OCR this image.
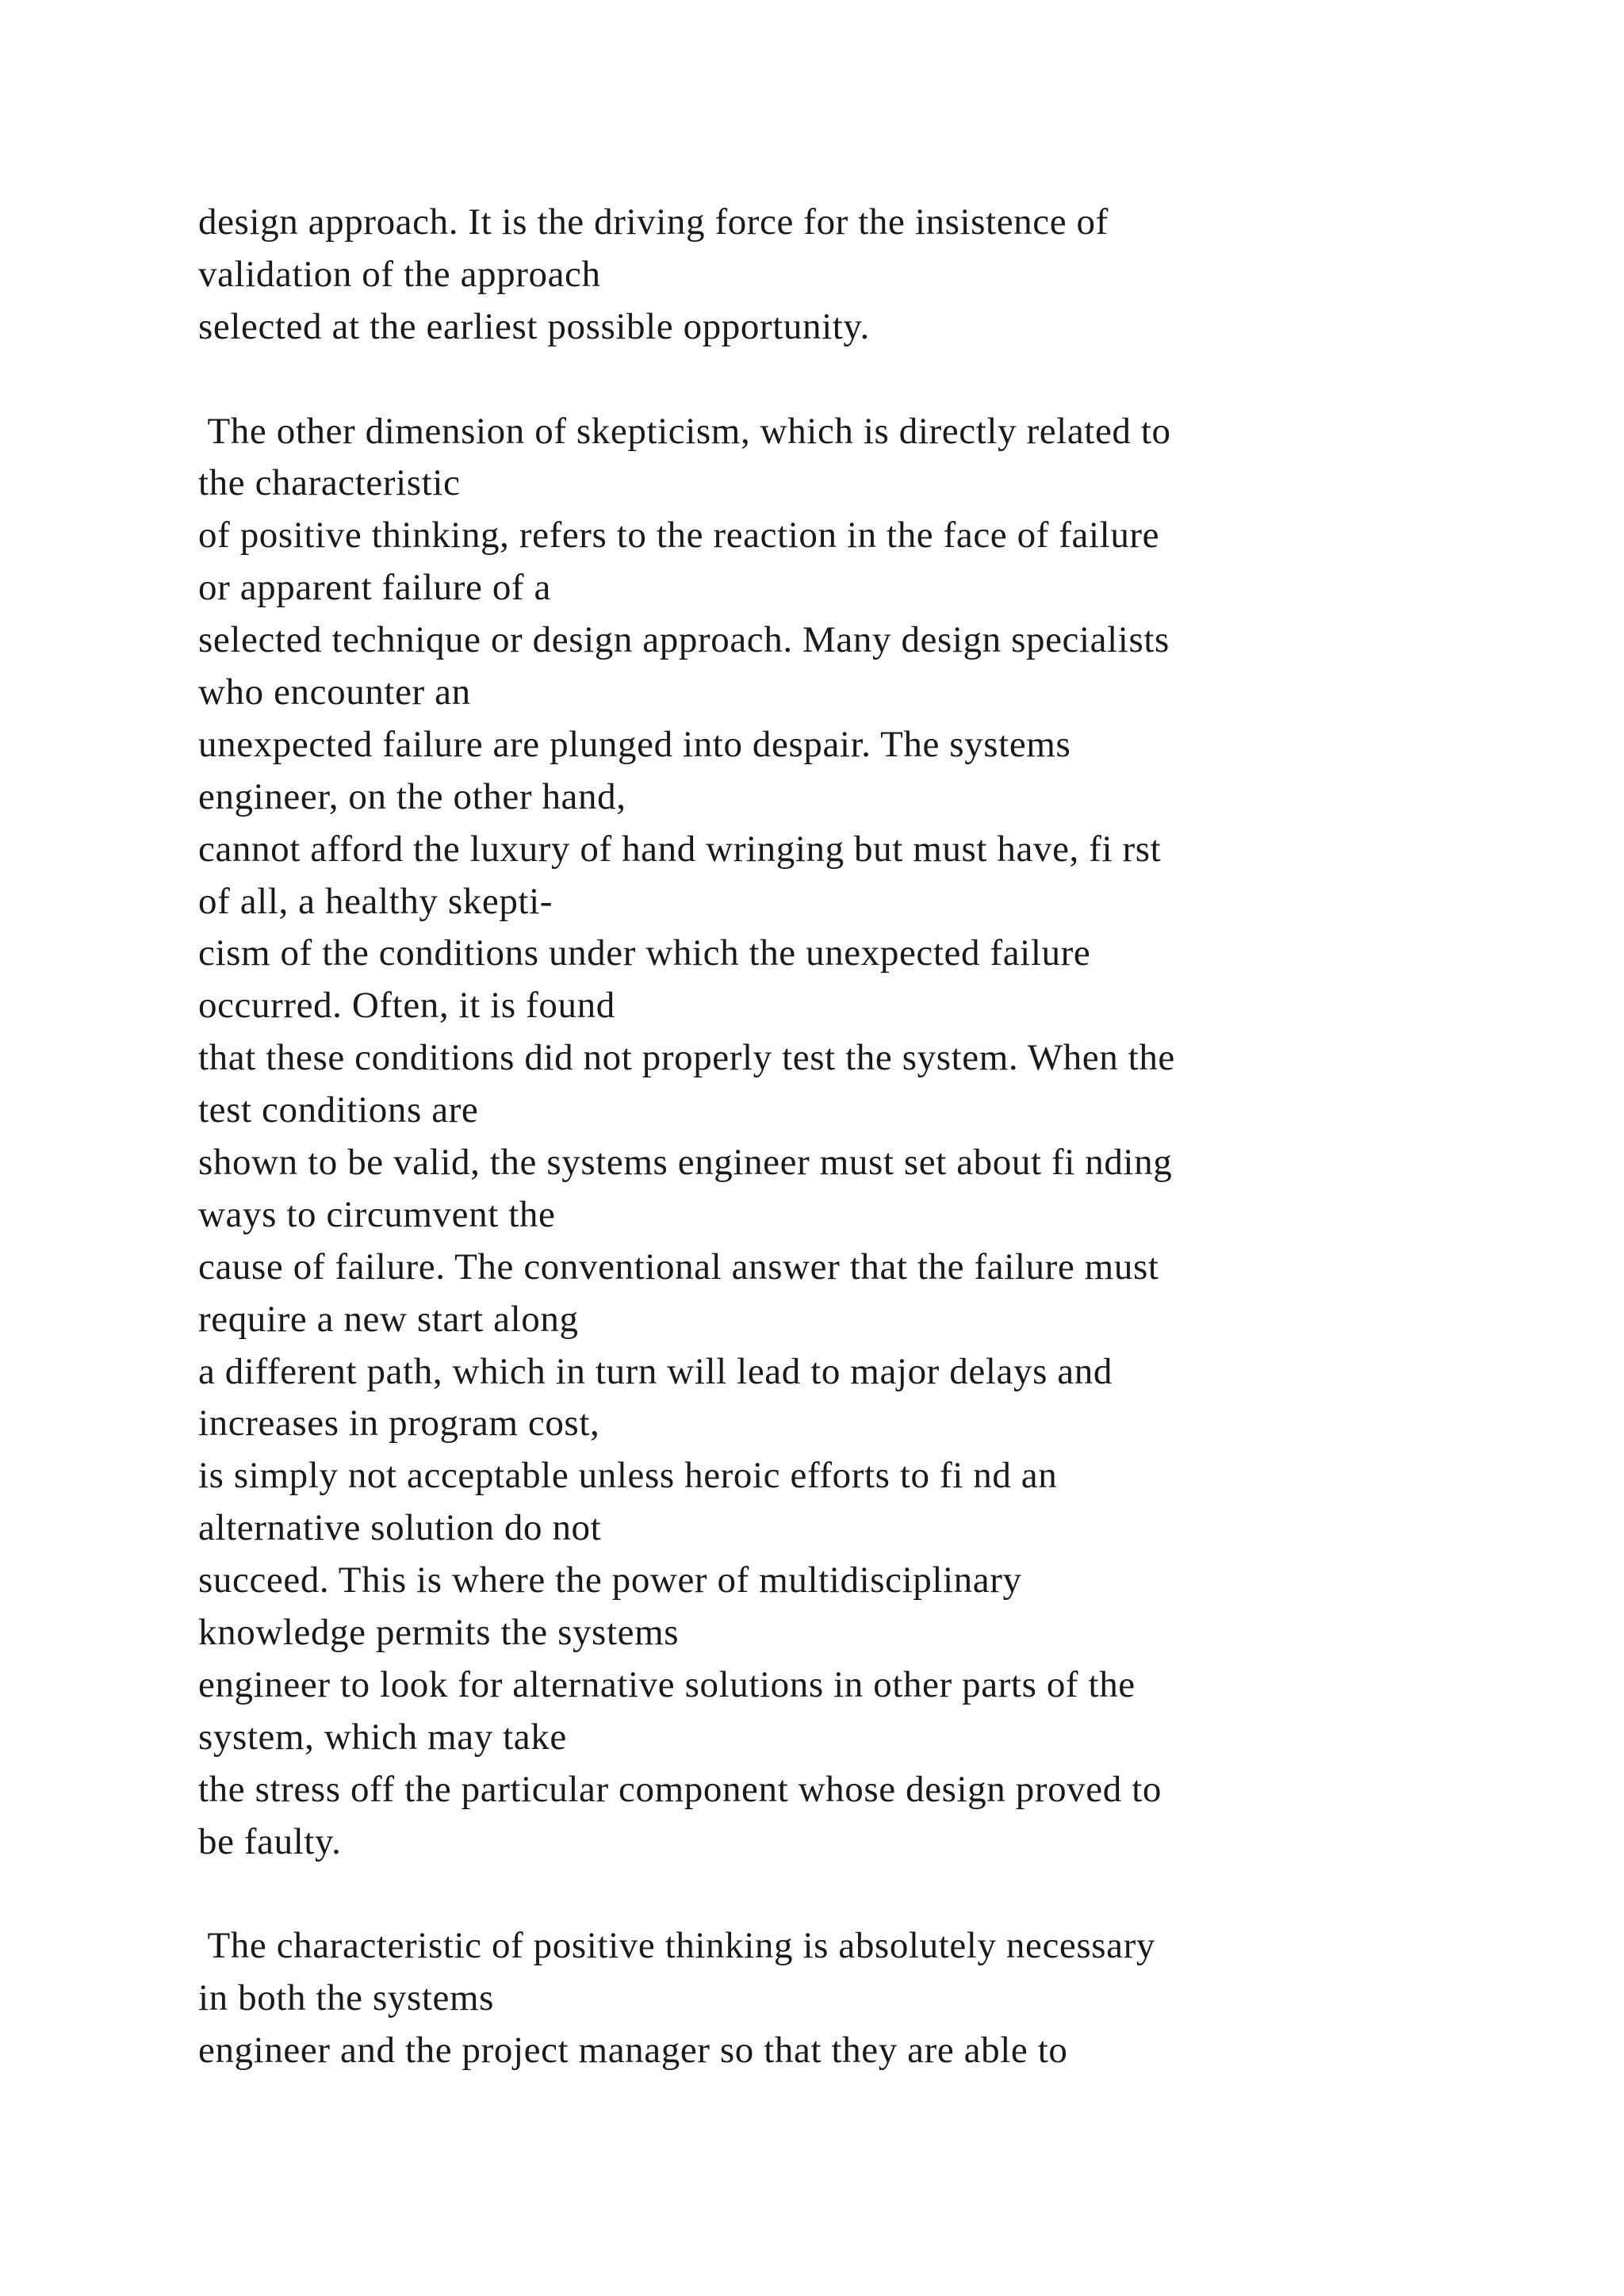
design approach. It is the driving force for the insistence of
validation of the approach
selected at the earliest possible opportunity.
The other dimension of skepticism, which is directly related to
the characteristic
of positive thinking, refers to the reaction in the face of failure
or apparent failure of a
selected technique or design approach. Many design specialists
who encounter an
unexpected failure are plunged into despair. The systems
engineer, on the other hand,
cannot afford the luxury of hand wringing but must have, fi rst
of all, a healthy skepti-
cism of the conditions under which the unexpected failure
occurred. Often, it is found
that these conditions did not properly test the system. When the
test conditions are
shown to be valid, the systems engineer must set about fi nding
ways to circumvent the
cause of failure. The conventional answer that the failure must
require a new start along
a different path, which in turn will lead to major delays and
increases in program cost,
is simply not acceptable unless heroic efforts to fi nd an
alternative solution do not
succeed. This is where the power of multidisciplinary
knowledge permits the systems
engineer to look for alternative solutions in other parts of the
system, which may take
the stress off the particular component whose design proved to
be faulty.
The characteristic of positive thinking is absolutely necessary
in both the systems
engineer and the project manager so that they are able to
